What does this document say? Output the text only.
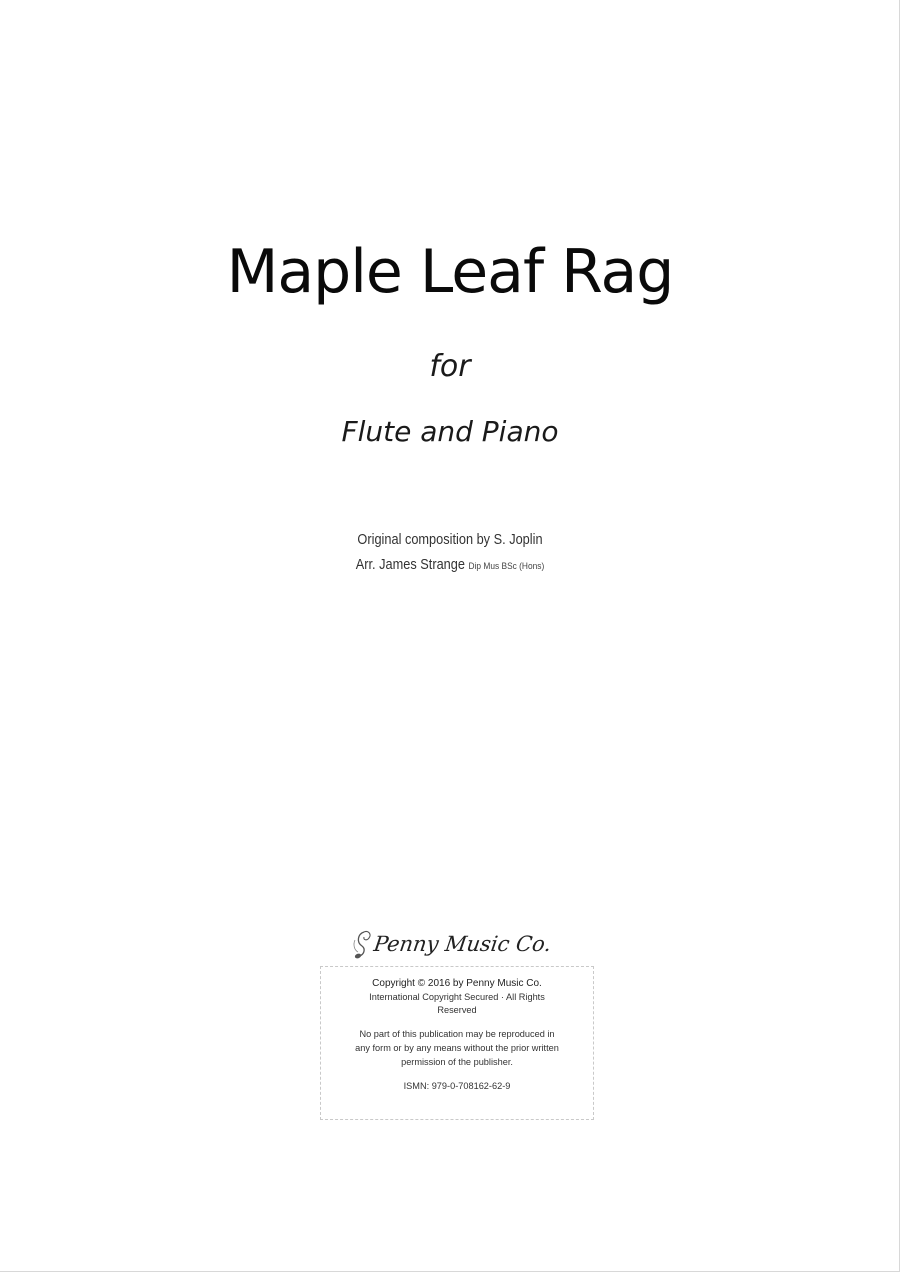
Maple Leaf Rag
for
Flute and Piano
Original composition by S. Joplin
Arr. James Strange Dip Mus BSc (Hons)
Penny Music Co.
Copyright © 2016 by Penny Music Co.
International Copyright Secured · All Rights Reserved
No part of this publication may be reproduced in any form or by any means without the prior written permission of the publisher.
ISMN: 979-0-708162-62-9
